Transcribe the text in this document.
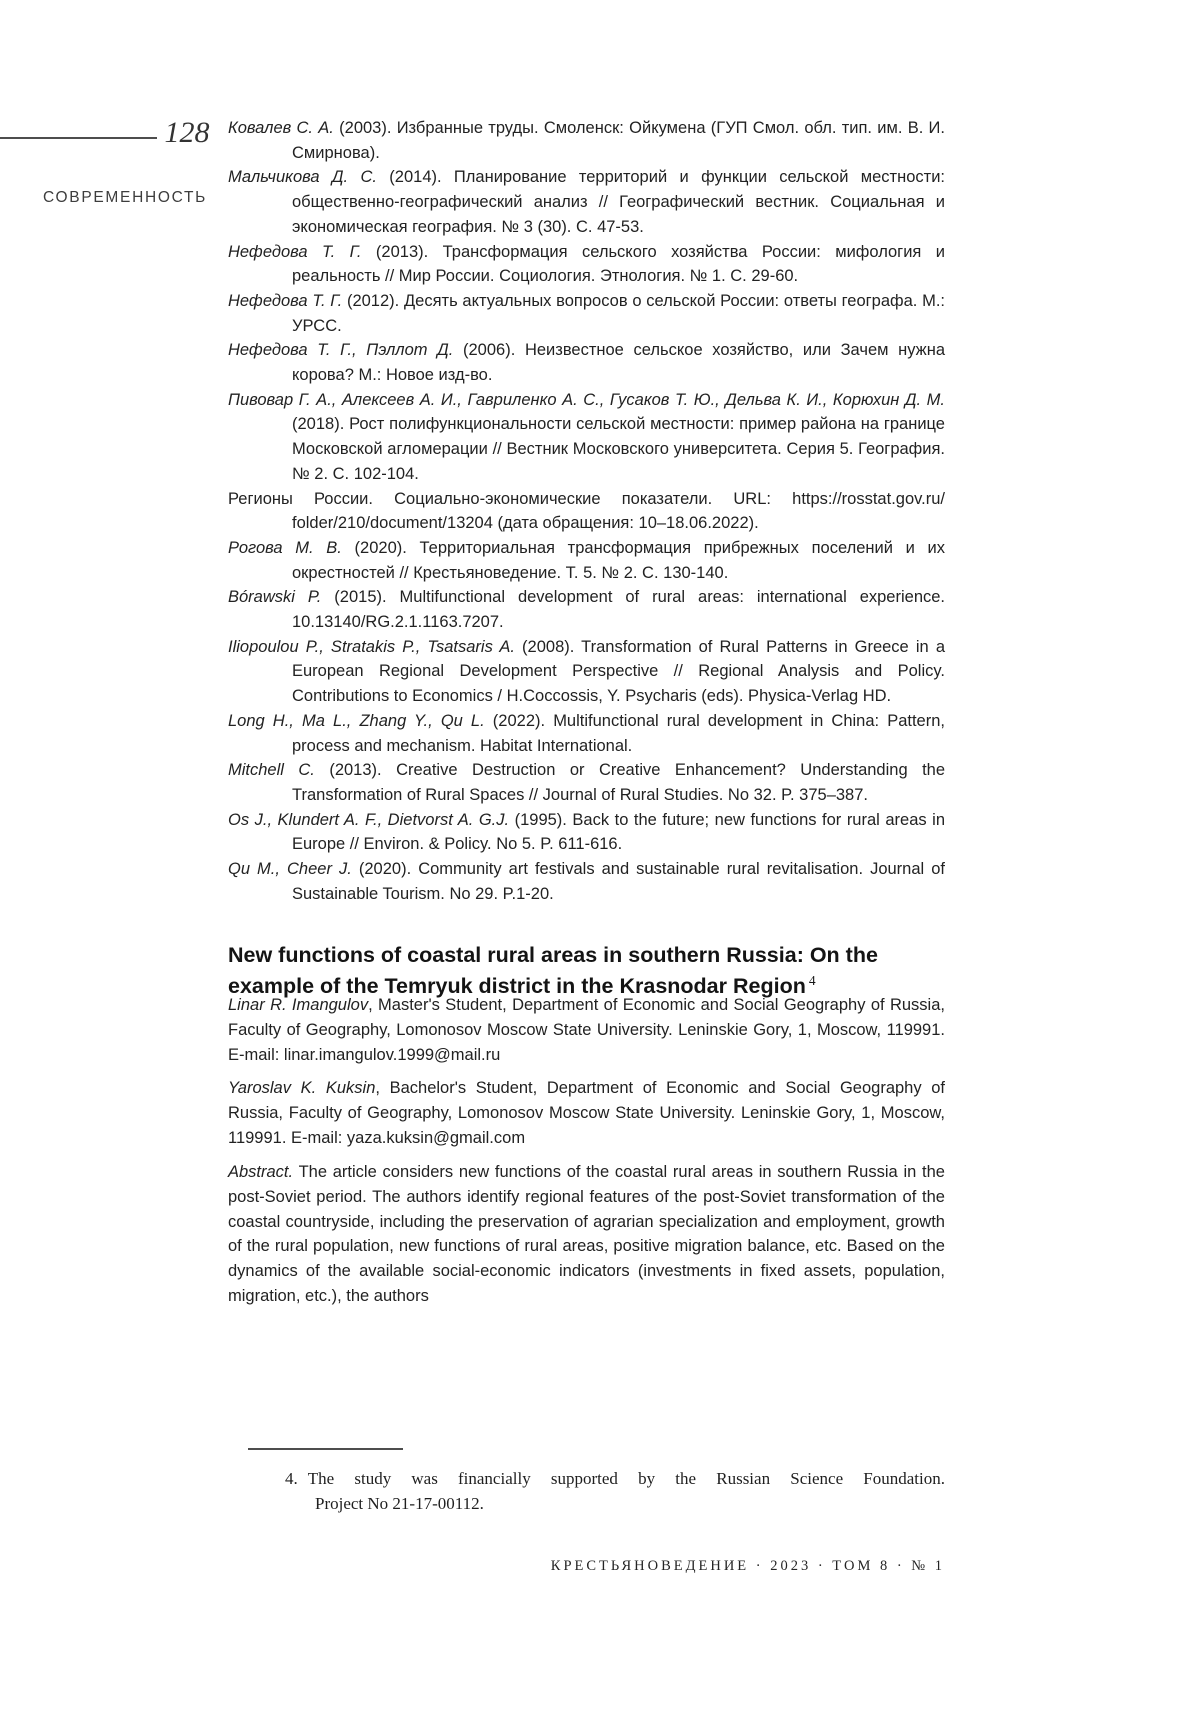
128
СОВРЕМЕННОСТЬ

Ковалев С. А. (2003). Избранные труды. Смоленск: Ойкумена (ГУП Смол. обл. тип. им. В. И. Смирнова).

Мальчикова Д. С. (2014). Планирование территорий и функции сельской местности: общественно-географический анализ // Географический вестник. Социальная и экономическая география. № 3 (30). С. 47-53.

Нефедова Т. Г. (2013). Трансформация сельского хозяйства России: мифология и реальность // Мир России. Социология. Этнология. № 1. С. 29-60.

Нефедова Т. Г. (2012). Десять актуальных вопросов о сельской России: ответы географа. М.: УРСС.

Нефедова Т. Г., Пэллот Д. (2006). Неизвестное сельское хозяйство, или Зачем нужна корова? М.: Новое изд-во.

Пивовар Г. А., Алексеев А. И., Гавриленко А. С., Гусаков Т. Ю., Дельва К. И., Корюхин Д. М. (2018). Рост полифункциональности сельской местности: пример района на границе Московской агломерации // Вестник Московского университета. Серия 5. География. № 2. С. 102-104.

Регионы России. Социально-экономические показатели. URL: https://rosstat.gov.ru/ folder/210/document/13204 (дата обращения: 10–18.06.2022).

Рогова М. В. (2020). Территориальная трансформация прибрежных поселений и их окрестностей // Крестьяноведение. Т. 5. № 2. С. 130-140.

Bórawski P. (2015). Multifunctional development of rural areas: international experience. 10.13140/RG.2.1.1163.7207.

Iliopoulou P., Stratakis P., Tsatsaris A. (2008). Transformation of Rural Patterns in Greece in a European Regional Development Perspective // Regional Analysis and Policy. Contributions to Economics / H.Coccossis, Y. Psycharis (eds). Physica-Verlag HD.

Long H., Ma L., Zhang Y., Qu L. (2022). Multifunctional rural development in China: Pattern, process and mechanism. Habitat International.

Mitchell C. (2013). Creative Destruction or Creative Enhancement? Understanding the Transformation of Rural Spaces // Journal of Rural Studies. No 32. P. 375–387.

Os J., Klundert A. F., Dietvorst A. G.J. (1995). Back to the future; new functions for rural areas in Europe // Environ. & Policy. No 5. P. 611-616.

Qu M., Cheer J. (2020). Community art festivals and sustainable rural revitalisation. Journal of Sustainable Tourism. No 29. P.1-20.

New functions of coastal rural areas in southern Russia: On the
example of the Temryuk district in the Krasnodar Region $^4$

Linar R. Imangulov, Master's Student, Department of Economic and Social Geography of Russia, Faculty of Geography, Lomonosov Moscow State University. Leninskie Gory, 1, Moscow, 119991. E-mail: linar.imangulov.1999@mail.ru

Yaroslav K. Kuksin, Bachelor's Student, Department of Economic and Social Geography of Russia, Faculty of Geography, Lomonosov Moscow State University. Leninskie Gory, 1, Moscow, 119991. E-mail: yaza.kuksin@gmail.com

Abstract. The article considers new functions of the coastal rural areas in southern Russia in the post-Soviet period. The authors identify regional features of the post-Soviet transformation of the coastal countryside, including the preservation of agrarian specialization and employment, growth of the rural population, new functions of rural areas, positive migration balance, etc. Based on the dynamics of the available social-economic indicators (investments in fixed assets, population, migration, etc.), the authors

4. The study was financially supported by the Russian Science Foundation.
Project No 21-17-00112.
КРЕСТЬЯНОВЕДЕНИЕ · 2023 · ТОМ 8 · № 1
